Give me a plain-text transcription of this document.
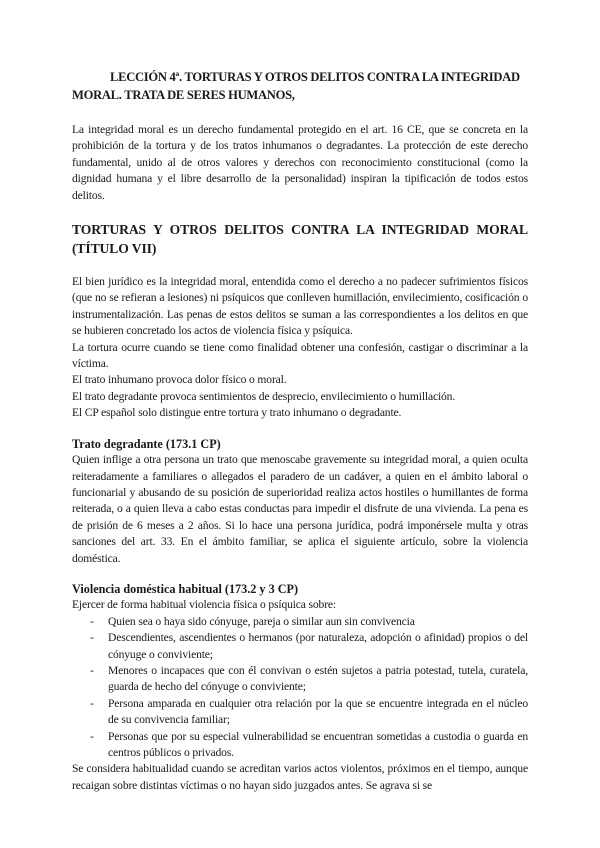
LECCIÓN 4ª. TORTURAS Y OTROS DELITOS CONTRA LA INTEGRIDAD MORAL. TRATA DE SERES HUMANOS,

La integridad moral es un derecho fundamental protegido en el art. 16 CE, que se concreta en la prohibición de la tortura y de los tratos inhumanos o degradantes. La protección de este derecho fundamental, unido al de otros valores y derechos con reconocimiento constitucional (como la dignidad humana y el libre desarrollo de la personalidad) inspiran la tipificación de todos estos delitos.

TORTURAS Y OTROS DELITOS CONTRA LA INTEGRIDAD MORAL (TÍTULO VII)

El bien jurídico es la integridad moral, entendida como el derecho a no padecer sufrimientos físicos (que no se refieran a lesiones) ni psíquicos que conlleven humillación, envilecimiento, cosificación o instrumentalización. Las penas de estos delitos se suman a las correspondientes a los delitos en que se hubieren concretado los actos de violencia física y psíquica.

La tortura ocurre cuando se tiene como finalidad obtener una confesión, castigar o discriminar a la víctima.

El trato inhumano provoca dolor físico o moral.

El trato degradante provoca sentimientos de desprecio, envilecimiento o humillación.

El CP español solo distingue entre tortura y trato inhumano o degradante.

Trato degradante (173.1 CP)

Quien inflige a otra persona un trato que menoscabe gravemente su integridad moral, a quien oculta reiteradamente a familiares o allegados el paradero de un cadáver, a quien en el ámbito laboral o funcionarial y abusando de su posición de superioridad realiza actos hostiles o humillantes de forma reiterada, o a quien lleva a cabo estas conductas para impedir el disfrute de una vivienda. La pena es de prisión de 6 meses a 2 años. Si lo hace una persona jurídica, podrá imponérsele multa y otras sanciones del art. 33. En el ámbito familiar, se aplica el siguiente artículo, sobre la violencia doméstica.

Violencia doméstica habitual (173.2 y 3 CP)

Ejercer de forma habitual violencia física o psíquica sobre:

- Quien sea o haya sido cónyuge, pareja o similar aun sin convivencia
- Descendientes, ascendientes o hermanos (por naturaleza, adopción o afinidad) propios o del cónyuge o conviviente;
- Menores o incapaces que con él convivan o estén sujetos a patria potestad, tutela, curatela, guarda de hecho del cónyuge o conviviente;
- Persona amparada en cualquier otra relación por la que se encuentre integrada en el núcleo de su convivencia familiar;
- Personas que por su especial vulnerabilidad se encuentran sometidas a custodia o guarda en centros públicos o privados.

Se considera habitualidad cuando se acreditan varios actos violentos, próximos en el tiempo, aunque recaigan sobre distintas víctimas o no hayan sido juzgados antes. Se agrava si se
